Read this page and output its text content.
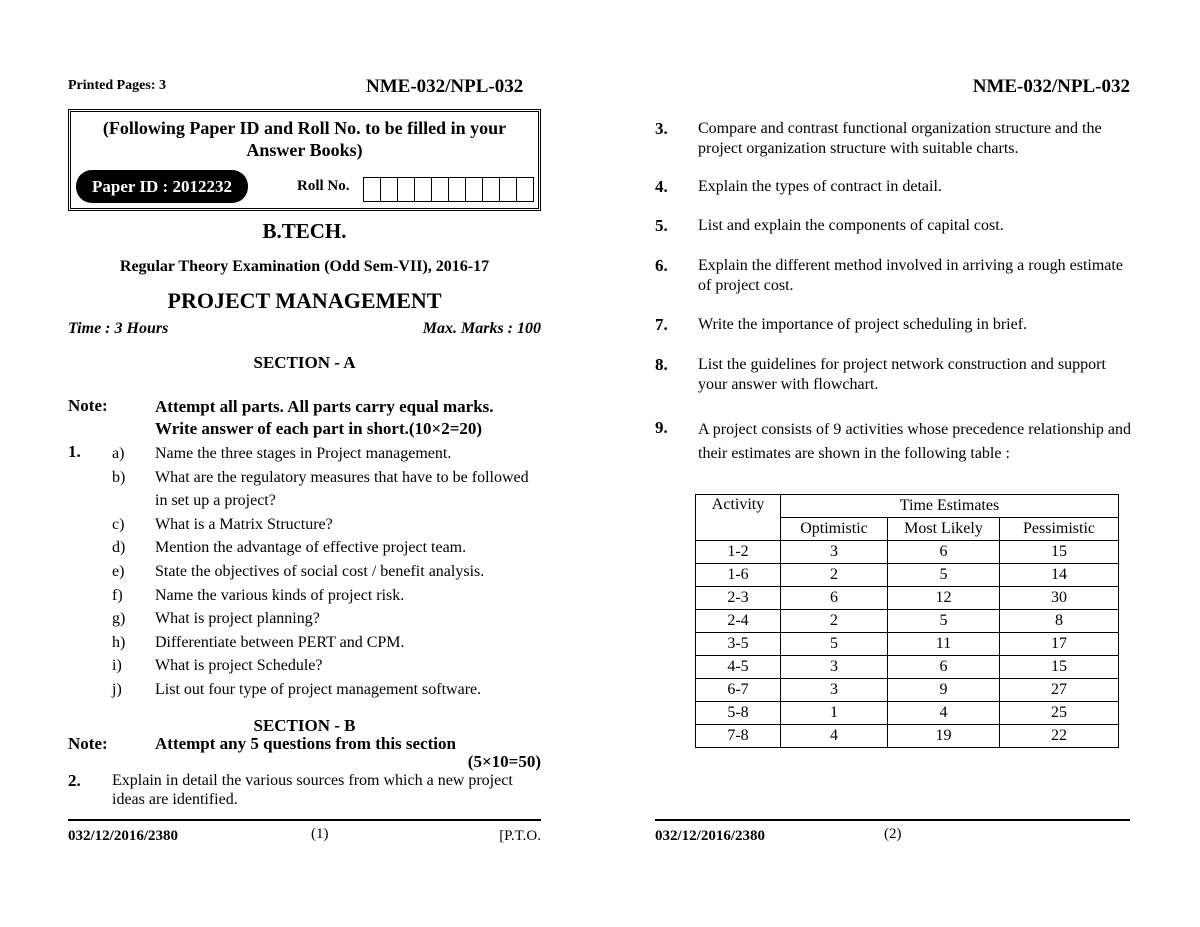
Printed Pages: 3	NME-032/NPL-032
(Following Paper ID and Roll No. to be filled in your
Answer Books)
Paper ID : 2012232	Roll No.
B.TECH.
Regular Theory Examination (Odd Sem-VII), 2016-17
PROJECT MANAGEMENT
Time : 3 Hours	Max. Marks : 100
SECTION - A
Note:	Attempt all parts. All parts carry equal marks.
Write answer of each part in short.(10×2=20)
1. a)	Name the three stages in Project management.
b)	What are the regulatory measures that have to be followed in set up a project?
c)	What is a Matrix Structure?
d)	Mention the advantage of effective project team.
e)	State the objectives of social cost / benefit analysis.
f)	Name the various kinds of project risk.
g)	What is project planning?
h)	Differentiate between PERT and CPM.
i)	What is project Schedule?
j)	List out four type of project management software.
SECTION - B
Note:	Attempt any 5 questions from this section
(5×10=50)
2. Explain in detail the various sources from which a new project ideas are identified.
032/12/2016/2380	(1)	[P.T.O.
NME-032/NPL-032
3. Compare and contrast functional organization structure and the project organization structure with suitable charts.
4. Explain the types of contract in detail.
5. List and explain the components of capital cost.
6. Explain the different method involved in arriving a rough estimate of project cost.
7. Write the importance of project scheduling in brief.
8. List the guidelines for project network construction and support your answer with flowchart.
9. A project consists of 9 activities whose precedence relationship and their estimates are shown in the following table :
Activity	Time Estimates		
	Optimistic	Most Likely	Pessimistic
1-2	3	6	15
1-6	2	5	14
2-3	6	12	30
2-4	2	5	8
3-5	5	11	17
4-5	3	6	15
6-7	3	9	27
5-8	1	4	25
7-8	4	19	22
032/12/2016/2380	(2)
